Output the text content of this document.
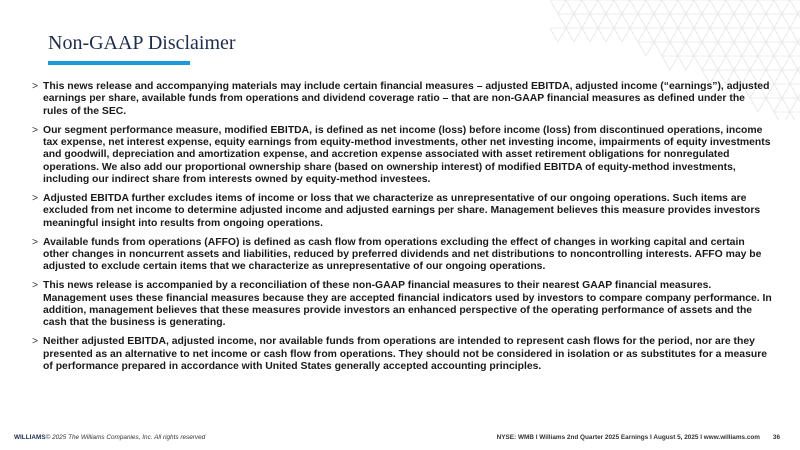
Non-GAAP Disclaimer
> This news release and accompanying materials may include certain financial measures – adjusted EBITDA, adjusted income (“earnings”), adjusted earnings per share, available funds from operations and dividend coverage ratio – that are non-GAAP financial measures as defined under the rules of the SEC.
> Our segment performance measure, modified EBITDA, is defined as net income (loss) before income (loss) from discontinued operations, income tax expense, net interest expense, equity earnings from equity-method investments, other net investing income, impairments of equity investments and goodwill, depreciation and amortization expense, and accretion expense associated with asset retirement obligations for nonregulated operations. We also add our proportional ownership share (based on ownership interest) of modified EBITDA of equity-method investments, including our indirect share from interests owned by equity-method investees.
> Adjusted EBITDA further excludes items of income or loss that we characterize as unrepresentative of our ongoing operations. Such items are excluded from net income to determine adjusted income and adjusted earnings per share. Management believes this measure provides investors meaningful insight into results from ongoing operations.
> Available funds from operations (AFFO) is defined as cash flow from operations excluding the effect of changes in working capital and certain other changes in noncurrent assets and liabilities, reduced by preferred dividends and net distributions to noncontrolling interests. AFFO may be adjusted to exclude certain items that we characterize as unrepresentative of our ongoing operations.
> This news release is accompanied by a reconciliation of these non-GAAP financial measures to their nearest GAAP financial measures. Management uses these financial measures because they are accepted financial indicators used by investors to compare company performance. In addition, management believes that these measures provide investors an enhanced perspective of the operating performance of assets and the cash that the business is generating.
> Neither adjusted EBITDA, adjusted income, nor available funds from operations are intended to represent cash flows for the period, nor are they presented as an alternative to net income or cash flow from operations. They should not be considered in isolation or as substitutes for a measure of performance prepared in accordance with United States generally accepted accounting principles.
WILLIAMS© 2025 The Williams Companies, Inc. All rights reserved	NYSE: WMB I Williams 2nd Quarter 2025 Earnings I August 5, 2025 I www.williams.com 36
